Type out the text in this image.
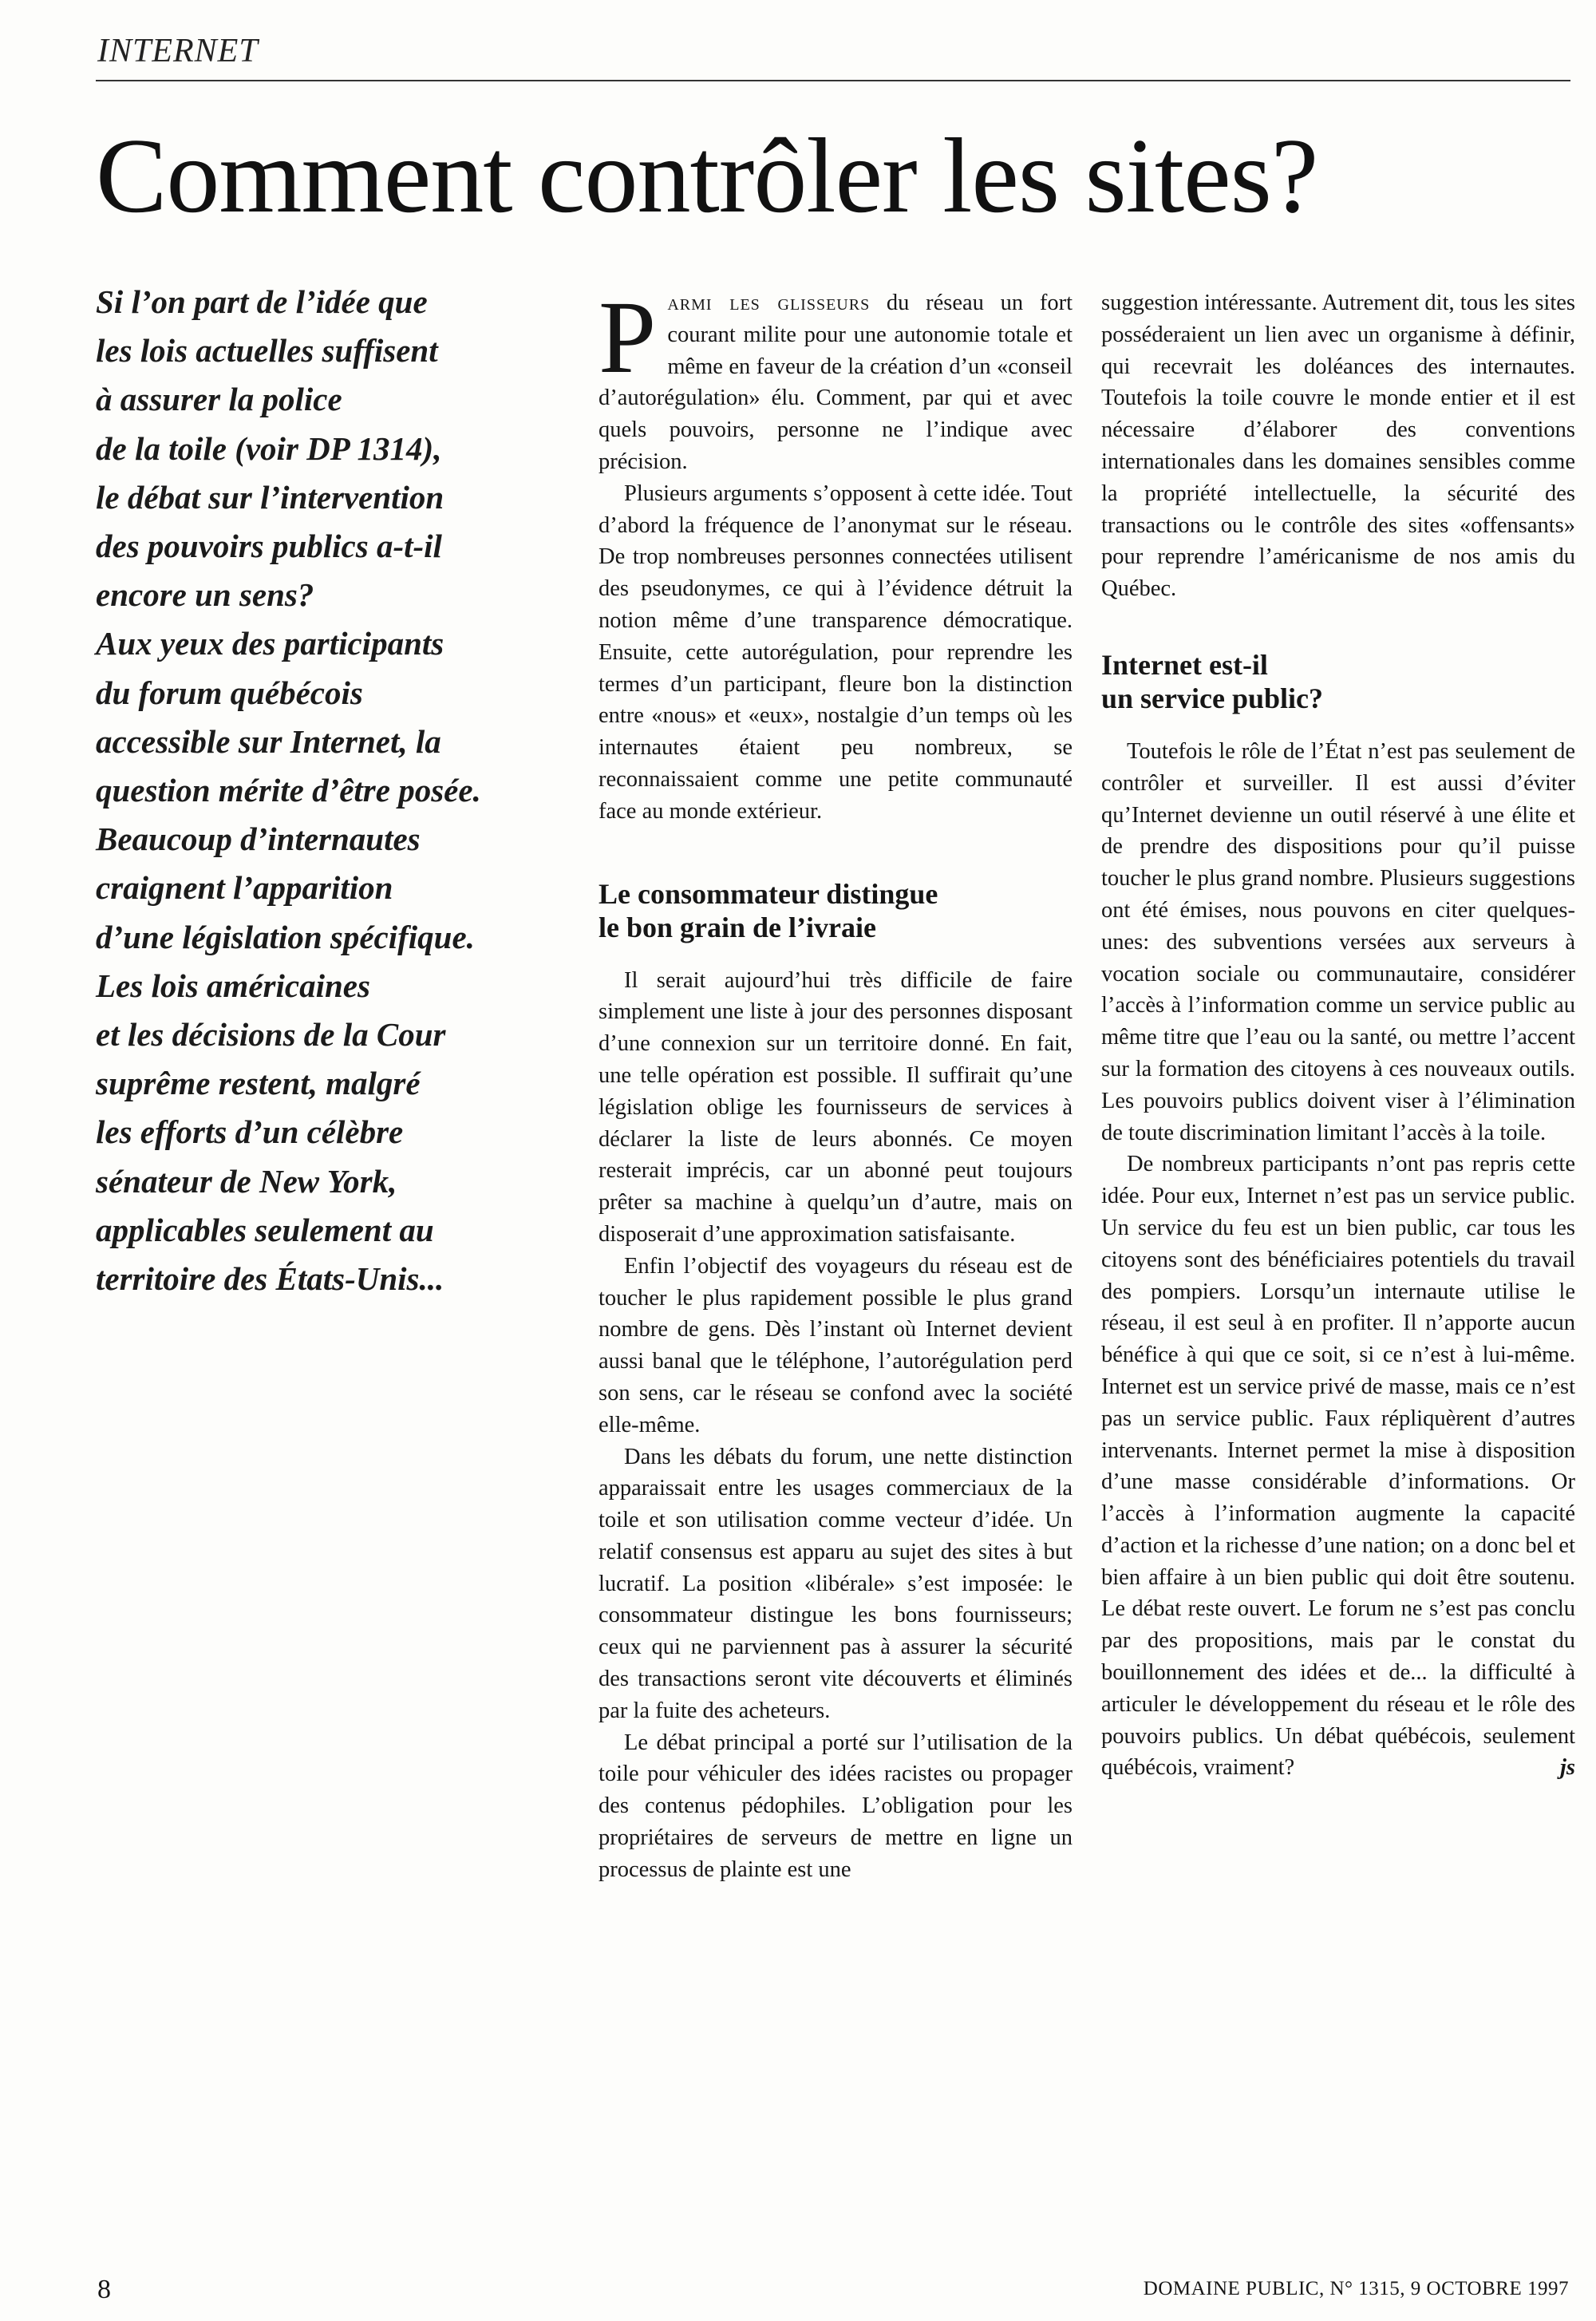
INTERNET
Comment contrôler les sites?
Si l’on part de l’idée que
les lois actuelles suffisent
à assurer la police
de la toile (voir DP 1314),
le débat sur l’intervention
des pouvoirs publics a-t-il
encore un sens?
Aux yeux des participants
du forum québécois
accessible sur Internet, la
question mérite d’être posée.
Beaucoup d’internautes
craignent l’apparition
d’une législation spécifique.
Les lois américaines
et les décisions de la Cour
suprême restent, malgré
les efforts d’un célèbre
sénateur de New York,
applicables seulement au
territoire des États-Unis...

Parmi les glisseurs du réseau un fort courant milite pour une autonomie totale et même en faveur de la création d’un «conseil d’autorégulation» élu. Comment, par qui et avec quels pouvoirs, personne ne l’indique avec précision.

Plusieurs arguments s’opposent à cette idée. Tout d’abord la fréquence de l’anonymat sur le réseau. De trop nombreuses personnes connectées utilisent des pseudonymes, ce qui à l’évidence détruit la notion même d’une transparence démocratique. Ensuite, cette autorégulation, pour reprendre les termes d’un participant, fleure bon la distinction entre «nous» et «eux», nostalgie d’un temps où les internautes étaient peu nombreux, se reconnaissaient comme une petite communauté face au monde extérieur.

Le consommateur distingue
le bon grain de l’ivraie

Il serait aujourd’hui très difficile de faire simplement une liste à jour des personnes disposant d’une connexion sur un territoire donné. En fait, une telle opération est possible. Il suffirait qu’une législation oblige les fournisseurs de services à déclarer la liste de leurs abonnés. Ce moyen resterait imprécis, car un abonné peut toujours prêter sa machine à quelqu’un d’autre, mais on disposerait d’une approximation satisfaisante.

Enfin l’objectif des voyageurs du réseau est de toucher le plus rapidement possible le plus grand nombre de gens. Dès l’instant où Internet devient aussi banal que le téléphone, l’autorégulation perd son sens, car le réseau se confond avec la société elle-même.

Dans les débats du forum, une nette distinction apparaissait entre les usages commerciaux de la toile et son utilisation comme vecteur d’idée. Un relatif consensus est apparu au sujet des sites à but lucratif. La position «libérale» s’est imposée: le consommateur distingue les bons fournisseurs; ceux qui ne parviennent pas à assurer la sécurité des transactions seront vite découverts et éliminés par la fuite des acheteurs.

Le débat principal a porté sur l’utilisation de la toile pour véhiculer des idées racistes ou propager des contenus pédophiles. L’obligation pour les propriétaires de serveurs de mettre en ligne un processus de plainte est une

suggestion intéressante. Autrement dit, tous les sites posséderaient un lien avec un organisme à définir, qui recevrait les doléances des internautes. Toutefois la toile couvre le monde entier et il est nécessaire d’élaborer des conventions internationales dans les domaines sensibles comme la propriété intellectuelle, la sécurité des transactions ou le contrôle des sites «offensants» pour reprendre l’américanisme de nos amis du Québec.

Internet est-il
un service public?

Toutefois le rôle de l’État n’est pas seulement de contrôler et surveiller. Il est aussi d’éviter qu’Internet devienne un outil réservé à une élite et de prendre des dispositions pour qu’il puisse toucher le plus grand nombre. Plusieurs suggestions ont été émises, nous pouvons en citer quelques-unes: des subventions versées aux serveurs à vocation sociale ou communautaire, considérer l’accès à l’information comme un service public au même titre que l’eau ou la santé, ou mettre l’accent sur la formation des citoyens à ces nouveaux outils. Les pouvoirs publics doivent viser à l’élimination de toute discrimination limitant l’accès à la toile.

De nombreux participants n’ont pas repris cette idée. Pour eux, Internet n’est pas un service public. Un service du feu est un bien public, car tous les citoyens sont des bénéficiaires potentiels du travail des pompiers. Lorsqu’un internaute utilise le réseau, il est seul à en profiter. Il n’apporte aucun bénéfice à qui que ce soit, si ce n’est à lui-même. Internet est un service privé de masse, mais ce n’est pas un service public. Faux répliquèrent d’autres intervenants. Internet permet la mise à disposition d’une masse considérable d’informations. Or l’accès à l’information augmente la capacité d’action et la richesse d’une nation; on a donc bel et bien affaire à un bien public qui doit être soutenu. Le débat reste ouvert. Le forum ne s’est pas conclu par des propositions, mais par le constat du bouillonnement des idées et de... la difficulté à articuler le développement du réseau et le rôle des pouvoirs publics. Un débat québécois, seulement québécois, vraiment?	js

8	DOMAINE PUBLIC, N° 1315, 9 OCTOBRE 1997
